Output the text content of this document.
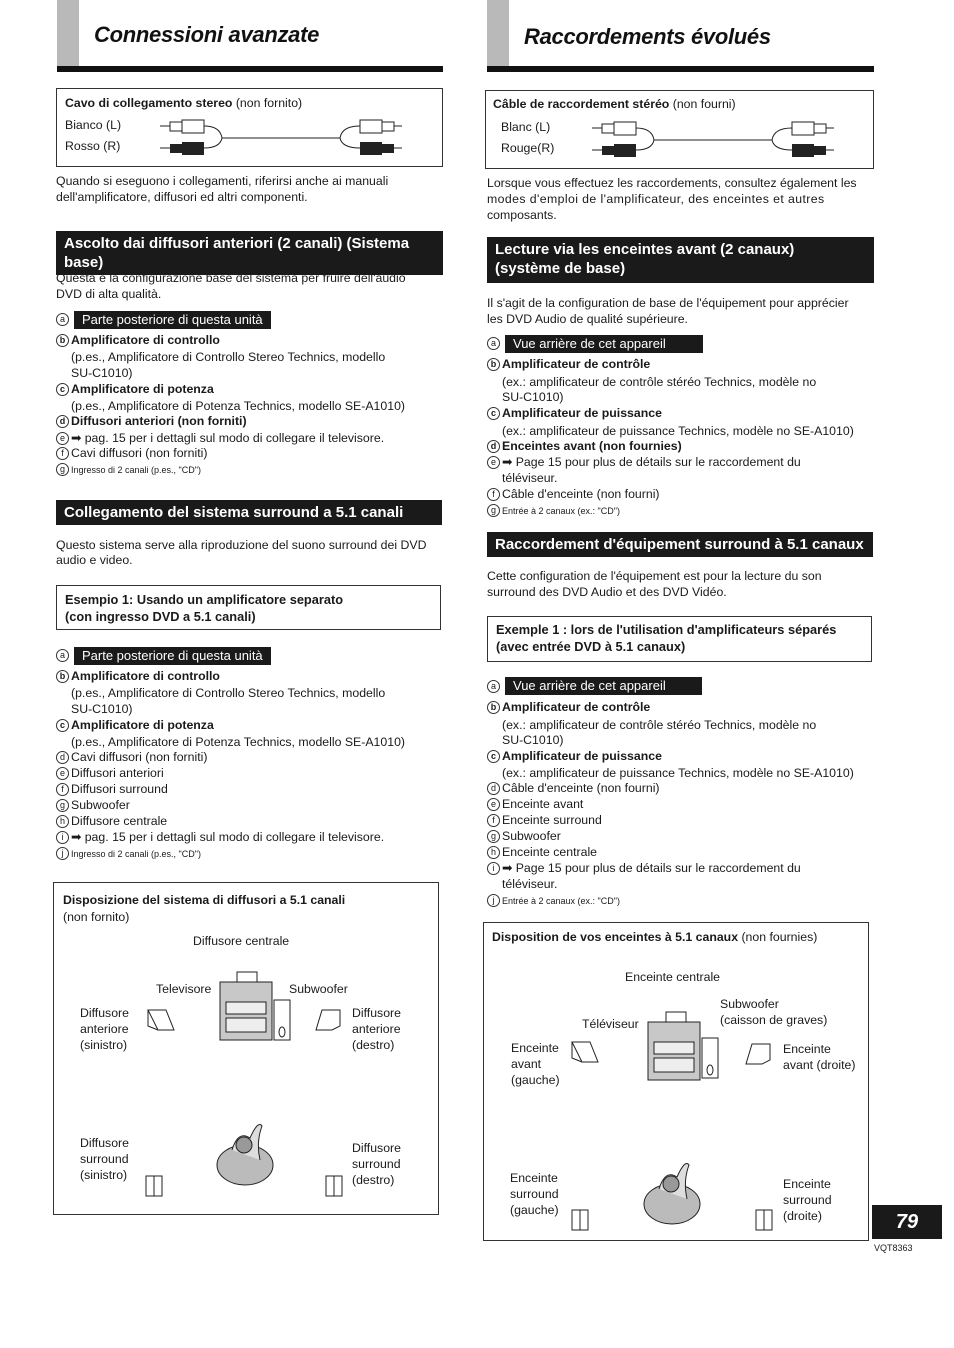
Connessioni avanzate
Cavo di collegamento stereo (non fornito)
Bianco (L)
Rosso (R)
Quando si eseguono i collegamenti, riferirsi anche ai manuali
dell'amplificatore, diffusori ed altri componenti.
Ascolto dai diffusori anteriori (2 canali) (Sistema base)
Questa è la configurazione base del sistema per fruire dell'audio
DVD di alta qualità.
a	Parte posteriore di questa unità
b Amplificatore di controllo
(p.es., Amplificatore di Controllo Stereo Technics, modello
SU-C1010)
c Amplificatore di potenza
(p.es., Amplificatore di Potenza Technics, modello SE-A1010)
d Diffusori anteriori (non forniti)
e ➡ pag. 15 per i dettagli sul modo di collegare il televisore.
f Cavi diffusori (non forniti)
g Ingresso di 2 canali (p.es., "CD")
Collegamento del sistema surround a 5.1 canali
Questo sistema serve alla riproduzione del suono surround dei DVD
audio e video.
Esempio 1: Usando un amplificatore separato
(con ingresso DVD a 5.1 canali)
a	Parte posteriore di questa unità
b Amplificatore di controllo
(p.es., Amplificatore di Controllo Stereo Technics, modello
SU-C1010)
c Amplificatore di potenza
(p.es., Amplificatore di Potenza Technics, modello SE-A1010)
d Cavi diffusori (non forniti)
e Diffusori anteriori
f Diffusori surround
g Subwoofer
h Diffusore centrale
i ➡ pag. 15 per i dettagli sul modo di collegare il televisore.
j Ingresso di 2 canali (p.es., "CD")
Disposizione del sistema di diffusori a 5.1 canali
(non fornito)
Diffusore centrale
Televisore	Subwoofer
Diffusore
anteriore
(sinistro)
Diffusore
anteriore
(destro)
Diffusore
surround
(sinistro)
Diffusore
surround
(destro)
Raccordements évolués
Câble de raccordement stéréo (non fourni)
Blanc (L)
Rouge(R)
Lorsque vous effectuez les raccordements, consultez également les
modes d'emploi de l'amplificateur, des enceintes et autres
composants.
Lecture via les enceintes avant (2 canaux)
(système de base)
Il s'agit de la configuration de base de l'équipement pour apprécier
les DVD Audio de qualité supérieure.
a	Vue arrière de cet appareil
b Amplificateur de contrôle
(ex.: amplificateur de contrôle stéréo Technics, modèle no
SU-C1010)
c Amplificateur de puissance
(ex.: amplificateur de puissance Technics, modèle no SE-A1010)
d Enceintes avant (non fournies)
e ➡ Page 15 pour plus de détails sur le raccordement du
téléviseur.
f Câble d'enceinte (non fourni)
g Entrée à 2 canaux (ex.: "CD")
Raccordement d'équipement surround à 5.1 canaux
Cette configuration de l'équipement est pour la lecture du son
surround des DVD Audio et des DVD Vidéo.
Exemple 1 : lors de l'utilisation d'amplificateurs séparés
(avec entrée DVD à 5.1 canaux)
a	Vue arrière de cet appareil
b Amplificateur de contrôle
(ex.: amplificateur de contrôle stéréo Technics, modèle no
SU-C1010)
c Amplificateur de puissance
(ex.: amplificateur de puissance Technics, modèle no SE-A1010)
d Câble d'enceinte (non fourni)
e Enceinte avant
f Enceinte surround
g Subwoofer
h Enceinte centrale
i ➡ Page 15 pour plus de détails sur le raccordement du
téléviseur.
j Entrée à 2 canaux (ex.: "CD")
Disposition de vos enceintes à 5.1 canaux (non fournies)
Enceinte centrale
Subwoofer
(caisson de graves)
Téléviseur
Enceinte
avant
(gauche)
Enceinte
avant (droite)
Enceinte
surround
(gauche)
Enceinte
surround
(droite)	79
VQT8363
